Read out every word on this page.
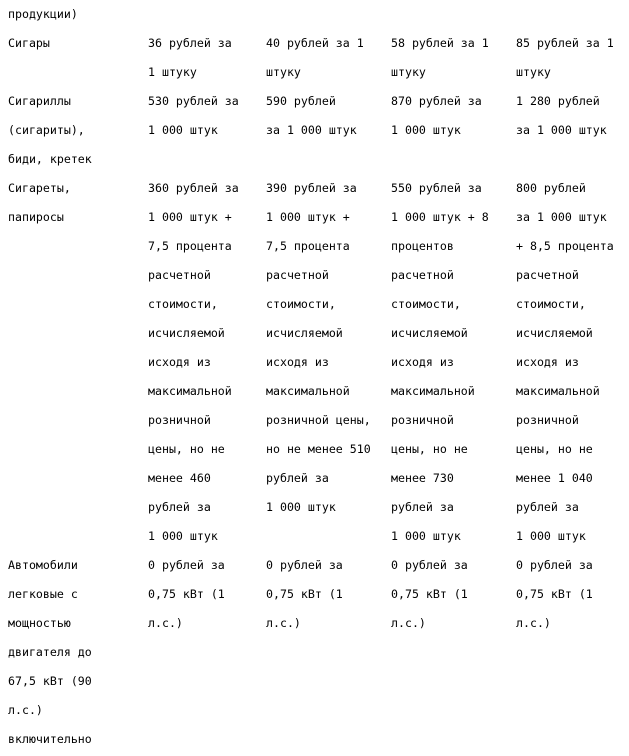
продукции)
Сигары	36 рублей за
1 штуку
40 рублей за 1
штуку
58 рублей за 1
штуку
85 рублей за 1
штуку
Сигариллы
(сигариты),
биди, кретек
530 рублей за
1 000 штук
590 рублей
за 1 000 штук
870 рублей за
1 000 штук
1 280 рублей
за 1 000 штук
Сигареты,
папиросы
360 рублей за
1 000 штук +
7,5 процента
расчетной
стоимости,
исчисляемой
исходя из
максимальной
розничной
цены, но не
менее 460
рублей за
1 000 штук
390 рублей за
1 000 штук +
7,5 процента
расчетной
стоимости,
исчисляемой
исходя из
максимальной
розничной цены,
но не менее 510
рублей за
1 000 штук
550 рублей за
1 000 штук + 8
процентов
расчетной
стоимости,
исчисляемой
исходя из
максимальной
розничной
цены, но не
менее 730
рублей за
1 000 штук
800 рублей
за 1 000 штук
+ 8,5 процента
расчетной
стоимости,
исчисляемой
исходя из
максимальной
розничной
цены, но не
менее 1 040
рублей за
1 000 штук
Автомобили
легковые с
мощностью
двигателя до
67,5 кВт (90
л.с.)
включительно
0 рублей за
0,75 кВт (1
л.с.)
0 рублей за
0,75 кВт (1
л.с.)
0 рублей за
0,75 кВт (1
л.с.)
0 рублей за
0,75 кВт (1
л.с.)
